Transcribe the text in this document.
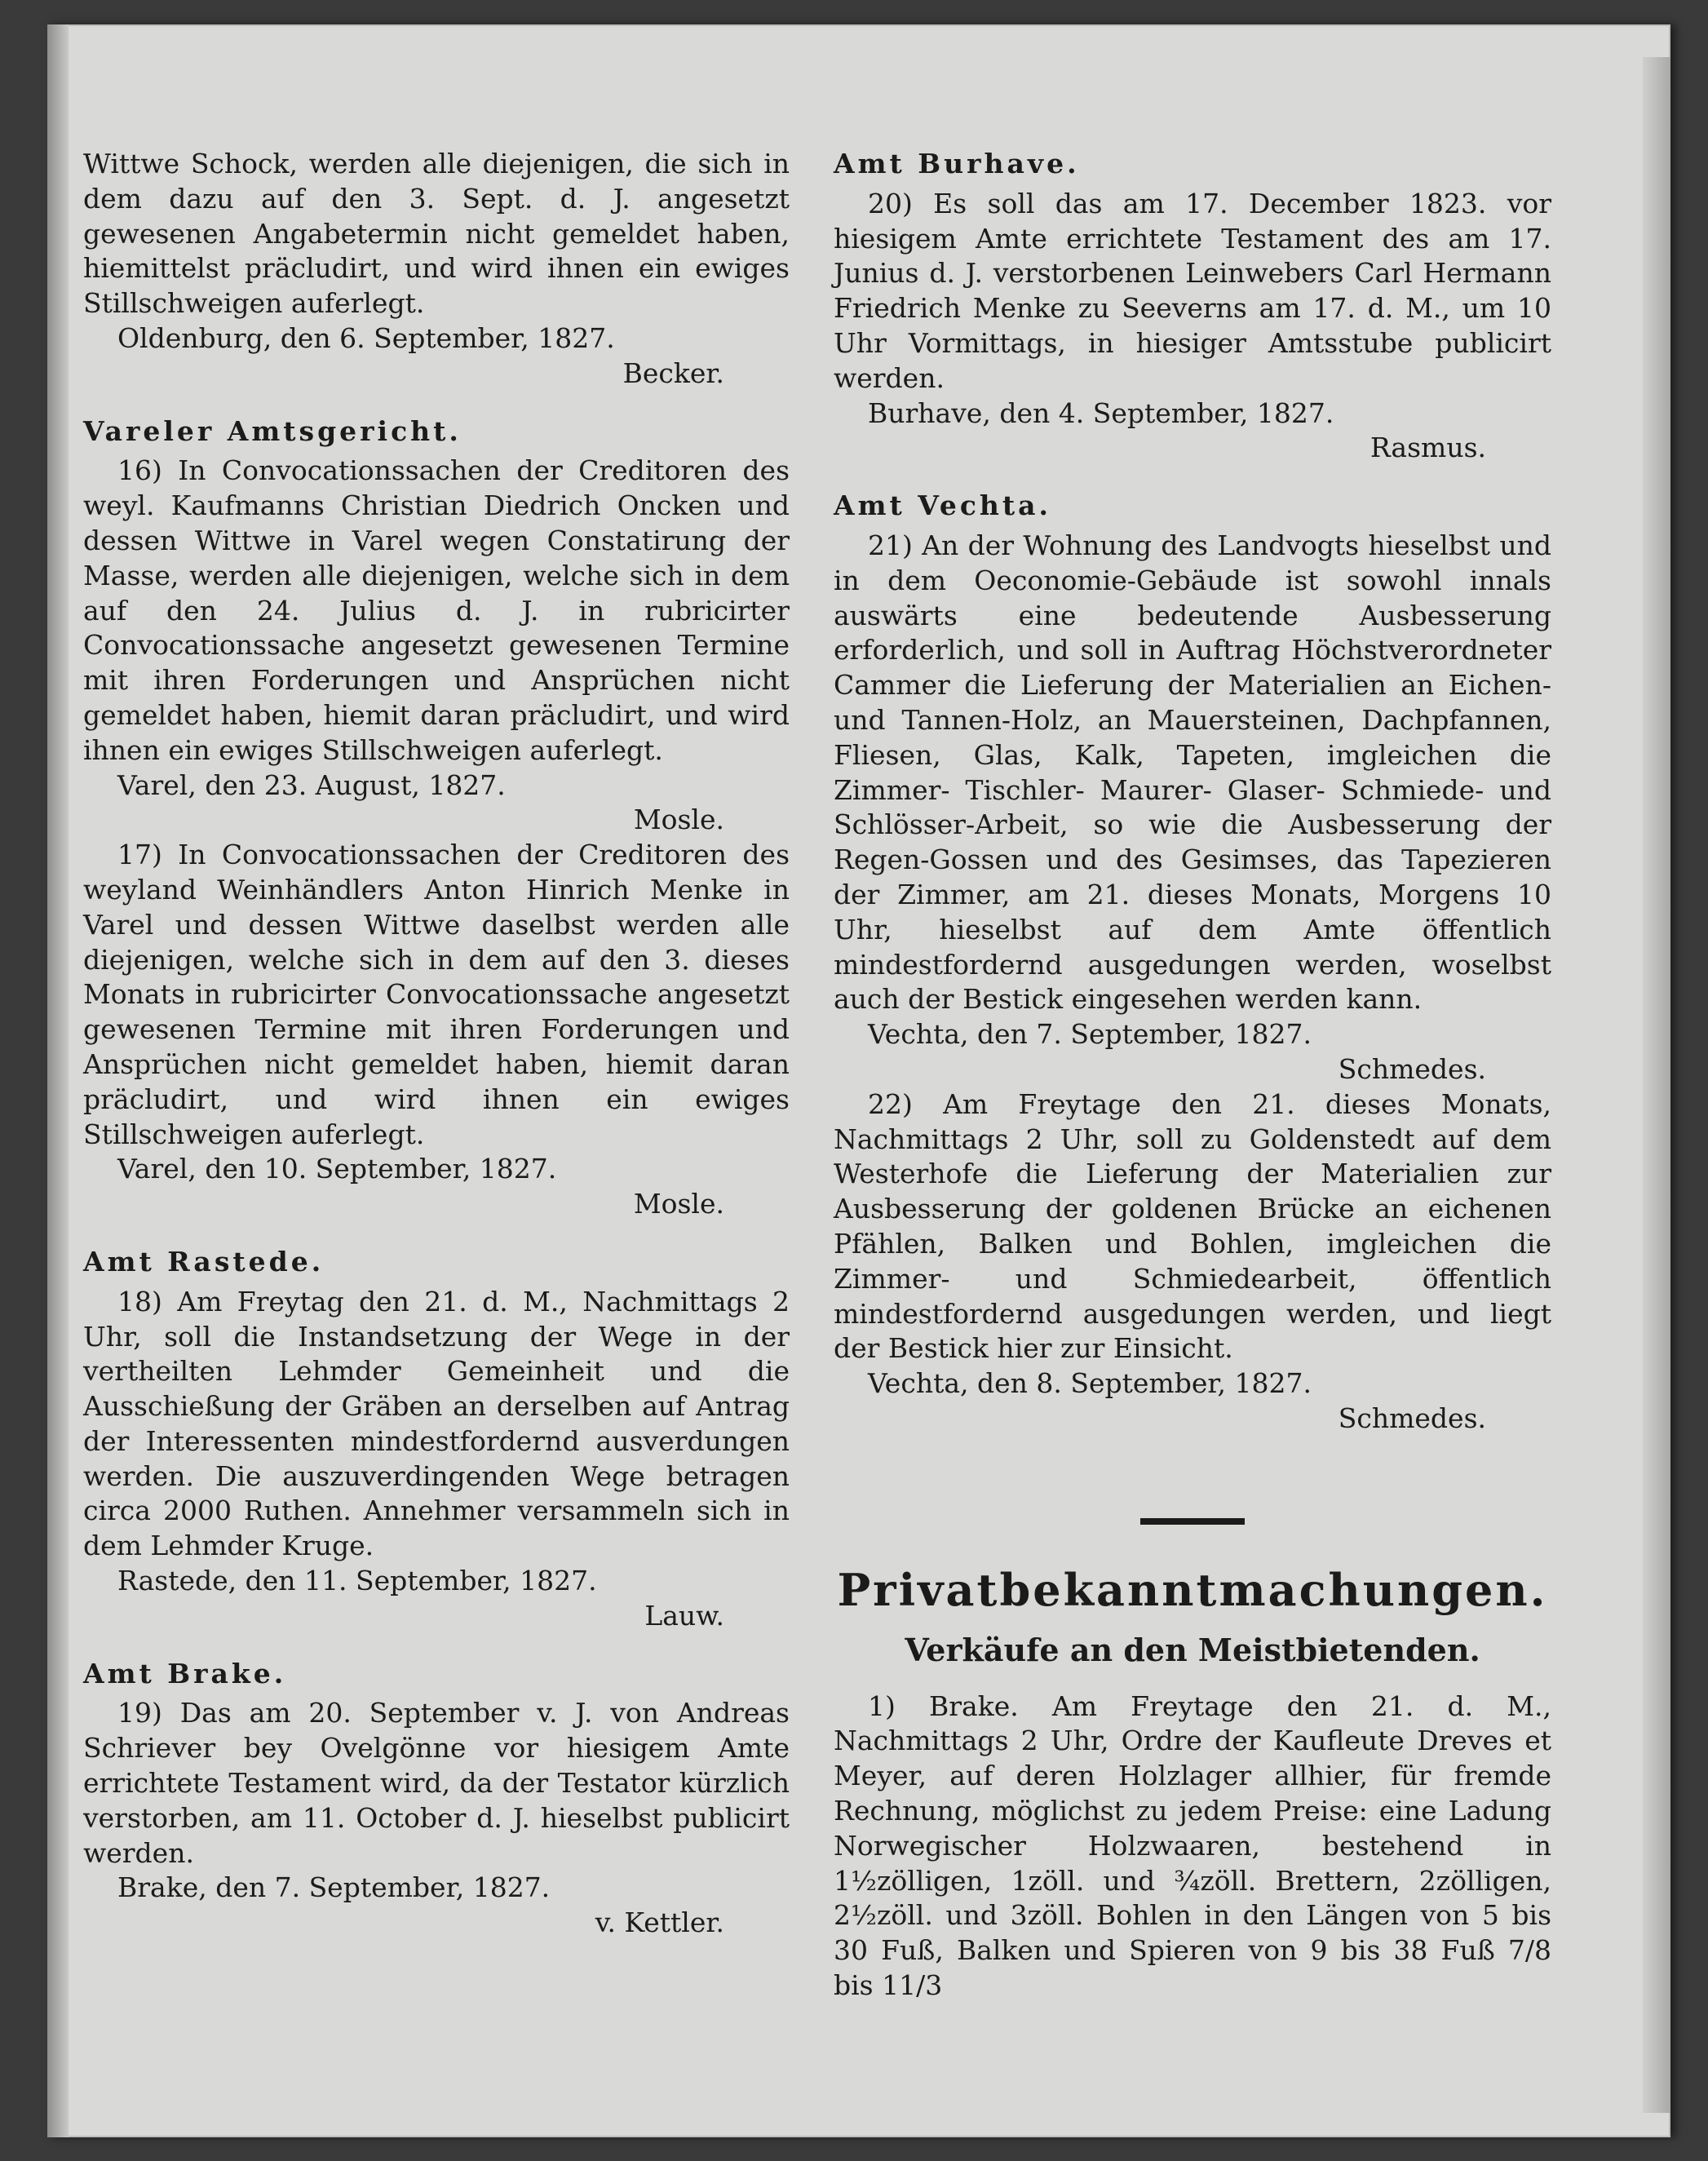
Wittwe Schock, werden alle diejenigen, die sich in dem dazu auf den 3. Sept. d. J. angesetzt gewesenen Angabetermin nicht gemeldet haben, hiemittelst präcludirt, und wird ihnen ein ewiges Stillschweigen auferlegt.

Oldenburg, den 6. September, 1827.

Becker.

Vareler Amtsgericht.

16) In Convocationssachen der Creditoren des weyl. Kaufmanns Christian Diedrich Oncken und dessen Wittwe in Varel wegen Constatirung der Masse, werden alle diejenigen, welche sich in dem auf den 24. Julius d. J. in rubricirter Convocationssache angesetzt gewesenen Termine mit ihren Forderungen und Ansprüchen nicht gemeldet haben, hiemit daran präcludirt, und wird ihnen ein ewiges Stillschweigen auferlegt.

Varel, den 23. August, 1827.

Mosle.

17) In Convocationssachen der Creditoren des weyland Weinhändlers Anton Hinrich Menke in Varel und dessen Wittwe daselbst werden alle diejenigen, welche sich in dem auf den 3. dieses Monats in rubricirter Convocationssache angesetzt gewesenen Termine mit ihren Forderungen und Ansprüchen nicht gemeldet haben, hiemit daran präcludirt, und wird ihnen ein ewiges Stillschweigen auferlegt.

Varel, den 10. September, 1827.

Mosle.

Amt Rastede.

18) Am Freytag den 21. d. M., Nachmittags 2 Uhr, soll die Instandsetzung der Wege in der vertheilten Lehmder Gemeinheit und die Ausschießung der Gräben an derselben auf Antrag der Interessenten mindestfordernd ausverdungen werden. Die auszuverdingenden Wege betragen circa 2000 Ruthen. Annehmer versammeln sich in dem Lehmder Kruge.

Rastede, den 11. September, 1827.

Lauw.

Amt Brake.

19) Das am 20. September v. J. von Andreas Schriever bey Ovelgönne vor hiesigem Amte errichtete Testament wird, da der Testator kürzlich verstorben, am 11. October d. J. hieselbst publicirt werden.

Brake, den 7. September, 1827.

v. Kettler.

Amt Burhave.

20) Es soll das am 17. December 1823. vor hiesigem Amte errichtete Testament des am 17. Junius d. J. verstorbenen Leinwebers Carl Hermann Friedrich Menke zu Seeverns am 17. d. M., um 10 Uhr Vormittags, in hiesiger Amtsstube publicirt werden.

Burhave, den 4. September, 1827.

Rasmus.

Amt Vechta.

21) An der Wohnung des Landvogts hieselbst und in dem Oeconomie-Gebäude ist sowohl innals auswärts eine bedeutende Ausbesserung erforderlich, und soll in Auftrag Höchstverordneter Cammer die Lieferung der Materialien an Eichen- und Tannen-Holz, an Mauersteinen, Dachpfannen, Fliesen, Glas, Kalk, Tapeten, imgleichen die Zimmer- Tischler- Maurer- Glaser- Schmiede- und Schlösser-Arbeit, so wie die Ausbesserung der Regen-Gossen und des Gesimses, das Tapezieren der Zimmer, am 21. dieses Monats, Morgens 10 Uhr, hieselbst auf dem Amte öffentlich mindestfordernd ausgedungen werden, woselbst auch der Bestick eingesehen werden kann.

Vechta, den 7. September, 1827.

Schmedes.

22) Am Freytage den 21. dieses Monats, Nachmittags 2 Uhr, soll zu Goldenstedt auf dem Westerhofe die Lieferung der Materialien zur Ausbesserung der goldenen Brücke an eichenen Pfählen, Balken und Bohlen, imgleichen die Zimmer- und Schmiedearbeit, öffentlich mindestfordernd ausgedungen werden, und liegt der Bestick hier zur Einsicht.

Vechta, den 8. September, 1827.

Schmedes.

Privatbekanntmachungen.

Verkäufe an den Meistbietenden.

1) Brake. Am Freytage den 21. d. M., Nachmittags 2 Uhr, Ordre der Kaufleute Dreves et Meyer, auf deren Holzlager allhier, für fremde Rechnung, möglichst zu jedem Preise: eine Ladung Norwegischer Holzwaaren, bestehend in 1½zölligen, 1zöll. und ¾zöll. Brettern, 2zölligen, 2½zöll. und 3zöll. Bohlen in den Längen von 5 bis 30 Fuß, Balken und Spieren von 9 bis 38 Fuß 7/8 bis 11/3
